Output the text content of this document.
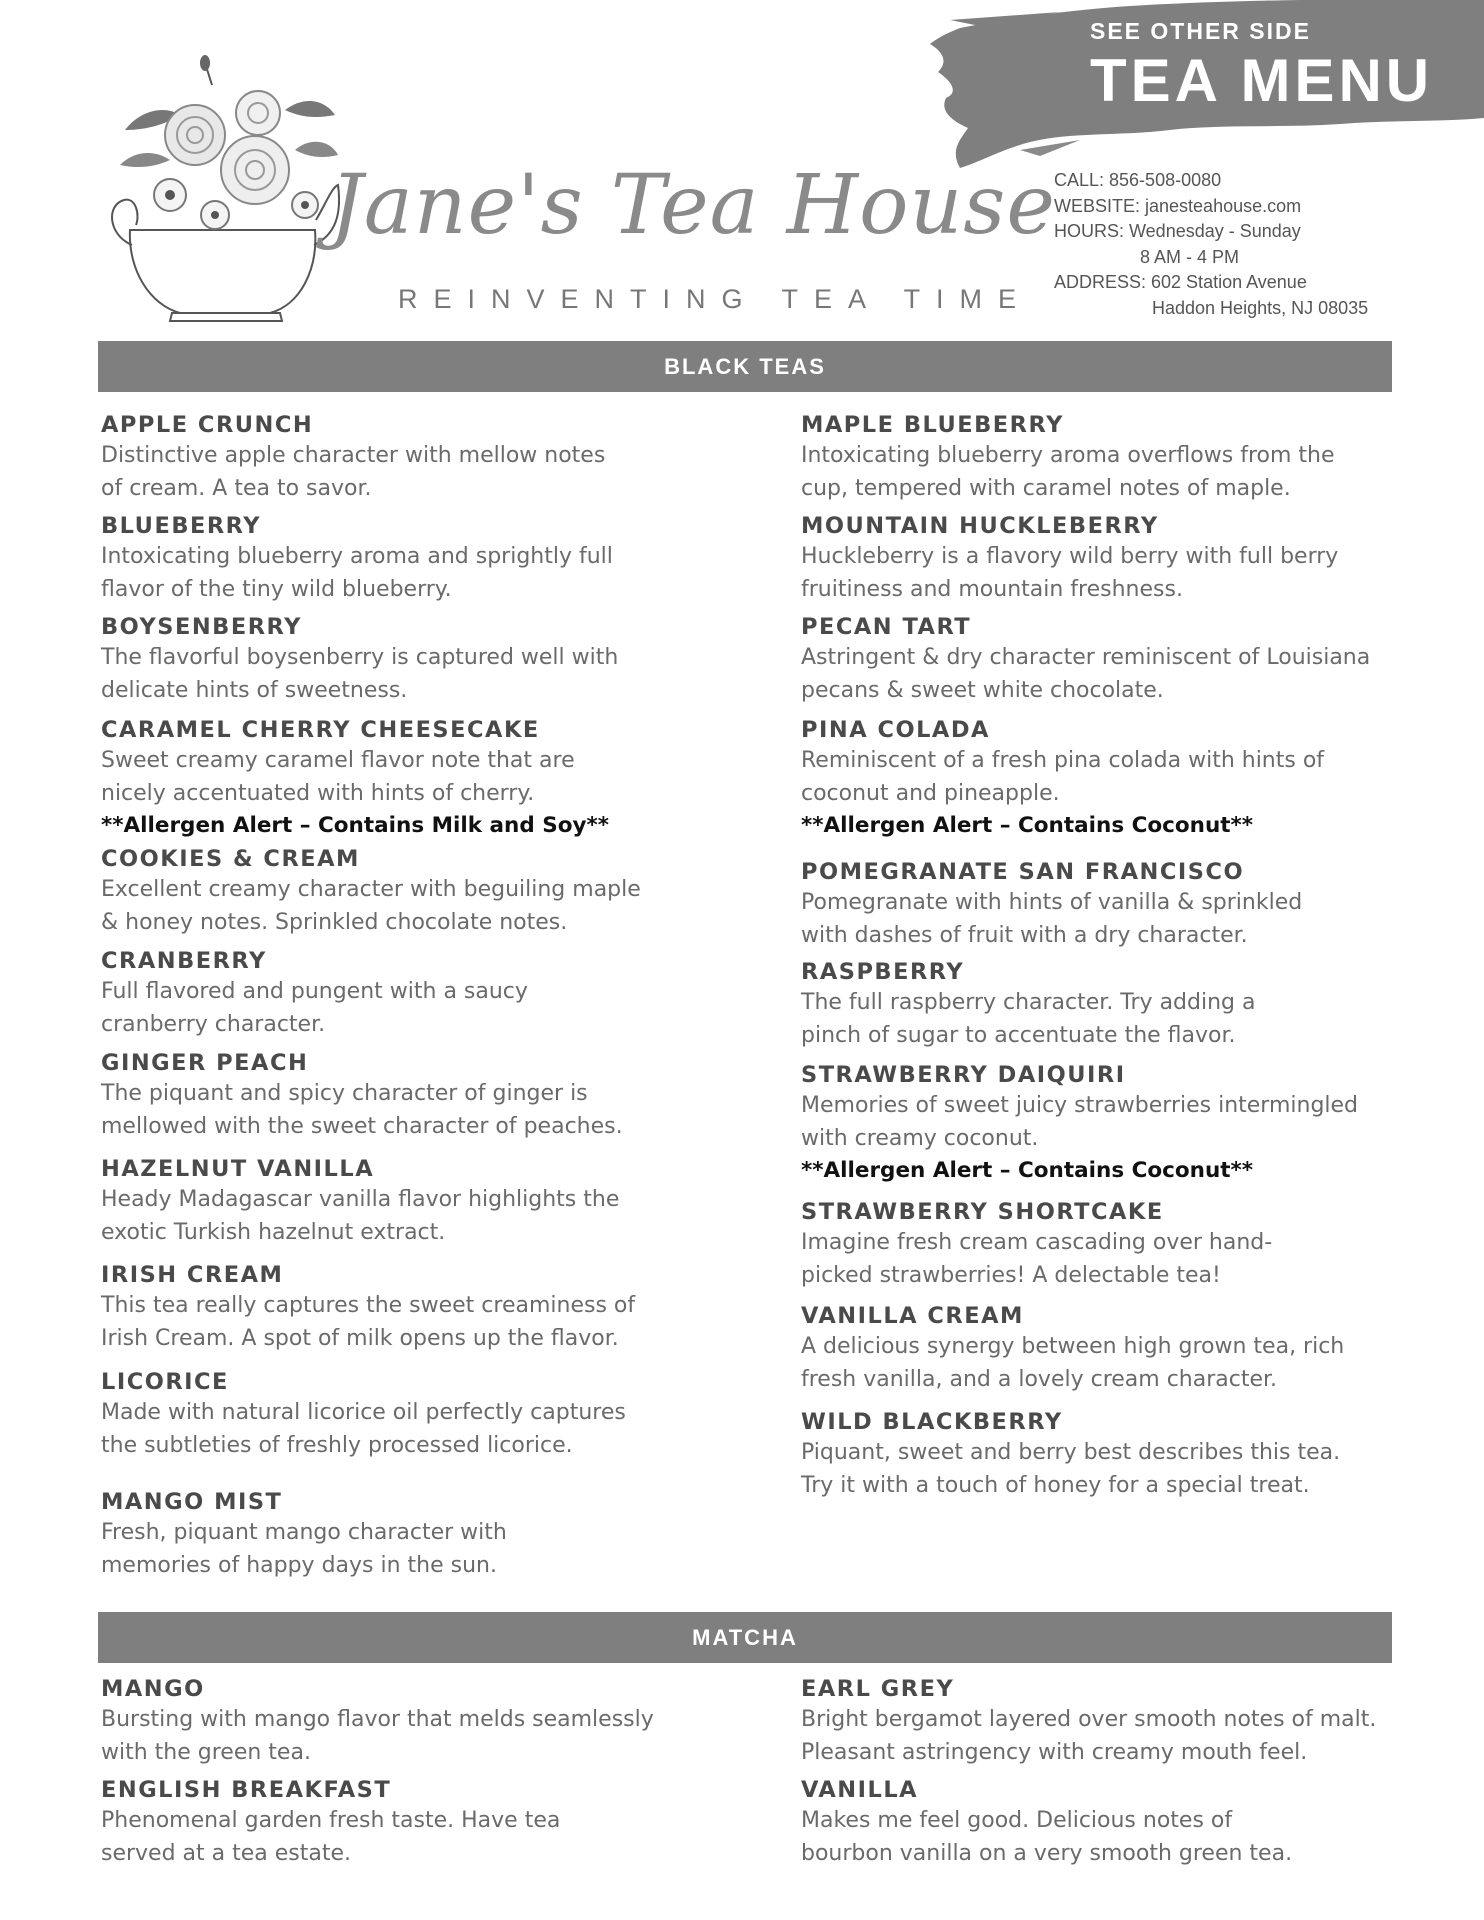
SEE OTHER SIDE
TEA MENU
Jane's Tea House
REINVENTING TEA TIME
CALL: 856-508-0080
WEBSITE: janesteahouse.com
HOURS: Wednesday - Sunday
8 AM - 4 PM
ADDRESS: 602 Station Avenue
Haddon Heights, NJ 08035
BLACK TEAS
APPLE CRUNCH
Distinctive apple character with mellow notes
of cream. A tea to savor.
BLUEBERRY
Intoxicating blueberry aroma and sprightly full
flavor of the tiny wild blueberry.
BOYSENBERRY
The flavorful boysenberry is captured well with
delicate hints of sweetness.
CARAMEL CHERRY CHEESECAKE
Sweet creamy caramel flavor note that are
nicely accentuated with hints of cherry.
**Allergen Alert – Contains Milk and Soy**
COOKIES & CREAM
Excellent creamy character with beguiling maple
& honey notes. Sprinkled chocolate notes.
CRANBERRY
Full flavored and pungent with a saucy
cranberry character.
GINGER PEACH
The piquant and spicy character of ginger is
mellowed with the sweet character of peaches.
HAZELNUT VANILLA
Heady Madagascar vanilla flavor highlights the
exotic Turkish hazelnut extract.
IRISH CREAM
This tea really captures the sweet creaminess of
Irish Cream. A spot of milk opens up the flavor.
LICORICE
Made with natural licorice oil perfectly captures
the subtleties of freshly processed licorice.
MANGO MIST
Fresh, piquant mango character with
memories of happy days in the sun.
MAPLE BLUEBERRY
Intoxicating blueberry aroma overflows from the
cup, tempered with caramel notes of maple.
MOUNTAIN HUCKLEBERRY
Huckleberry is a flavory wild berry with full berry
fruitiness and mountain freshness.
PECAN TART
Astringent & dry character reminiscent of Louisiana
pecans & sweet white chocolate.
PINA COLADA
Reminiscent of a fresh pina colada with hints of
coconut and pineapple.
**Allergen Alert – Contains Coconut**
POMEGRANATE SAN FRANCISCO
Pomegranate with hints of vanilla & sprinkled
with dashes of fruit with a dry character.
RASPBERRY
The full raspberry character. Try adding a
pinch of sugar to accentuate the flavor.
STRAWBERRY DAIQUIRI
Memories of sweet juicy strawberries intermingled
with creamy coconut.
**Allergen Alert – Contains Coconut**
STRAWBERRY SHORTCAKE
Imagine fresh cream cascading over hand-
picked strawberries! A delectable tea!
VANILLA CREAM
A delicious synergy between high grown tea, rich
fresh vanilla, and a lovely cream character.
WILD BLACKBERRY
Piquant, sweet and berry best describes this tea.
Try it with a touch of honey for a special treat.
MATCHA
MANGO
Bursting with mango flavor that melds seamlessly
with the green tea.
ENGLISH BREAKFAST
Phenomenal garden fresh taste. Have tea
served at a tea estate.
EARL GREY
Bright bergamot layered over smooth notes of malt.
Pleasant astringency with creamy mouth feel.
VANILLA
Makes me feel good. Delicious notes of
bourbon vanilla on a very smooth green tea.
